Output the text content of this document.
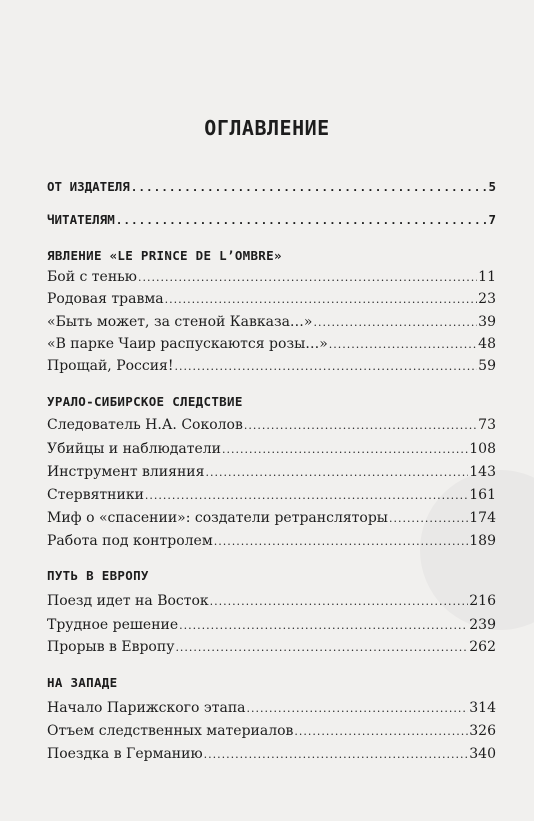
ОГЛАВЛЕНИЕ
ОТ ИЗДАТЕЛЯ .....	5
ЧИТАТЕЛЯМ .....	7
ЯВЛЕНИЕ «LE PRINCE DE L’OMBRE»
Бой с тенью .....	11
Родовая травма .....	23
«Быть может, за стеной Кавказа…» .....	39
«В парке Чаир распускаются розы…» .....	48
Прощай, Россия! .....	59
УРАЛО-СИБИРСКОЕ СЛЕДСТВИЕ
Следователь Н.А. Соколов .....	73
Убийцы и наблюдатели .....	108
Инструмент влияния .....	143
Стервятники .....	161
Миф о «спасении»: создатели ретрансляторы .....	174
Работа под контролем .....	189
ПУТЬ В ЕВРОПУ
Поезд идет на Восток .....	216
Трудное решение .....	239
Прорыв в Европу .....	262
НА ЗАПАДЕ
Начало Парижского этапа .....	314
Отъем следственных материалов .....	326
Поездка в Германию .....	340
